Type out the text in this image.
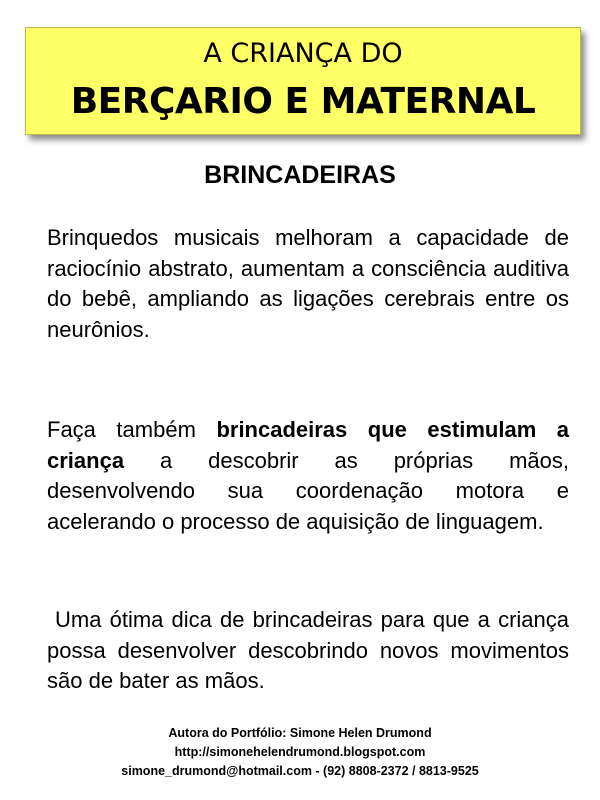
A CRIANÇA DO
BERÇARIO E MATERNAL
BRINCADEIRAS

Brinquedos musicais melhoram a capacidade de raciocínio abstrato, aumentam a consciência auditiva do bebê, ampliando as ligações cerebrais entre os neurônios.

Faça também brincadeiras que estimulam a criança a descobrir as próprias mãos, desenvolvendo sua coordenação motora e acelerando o processo de aquisição de linguagem.

Uma ótima dica de brincadeiras para que a criança possa desenvolver descobrindo novos movimentos são de bater as mãos.

Autora do Portfólio: Simone Helen Drumond
http://simonehelendrumond.blogspot.com
simone_drumond@hotmail.com - (92) 8808-2372 / 8813-9525
